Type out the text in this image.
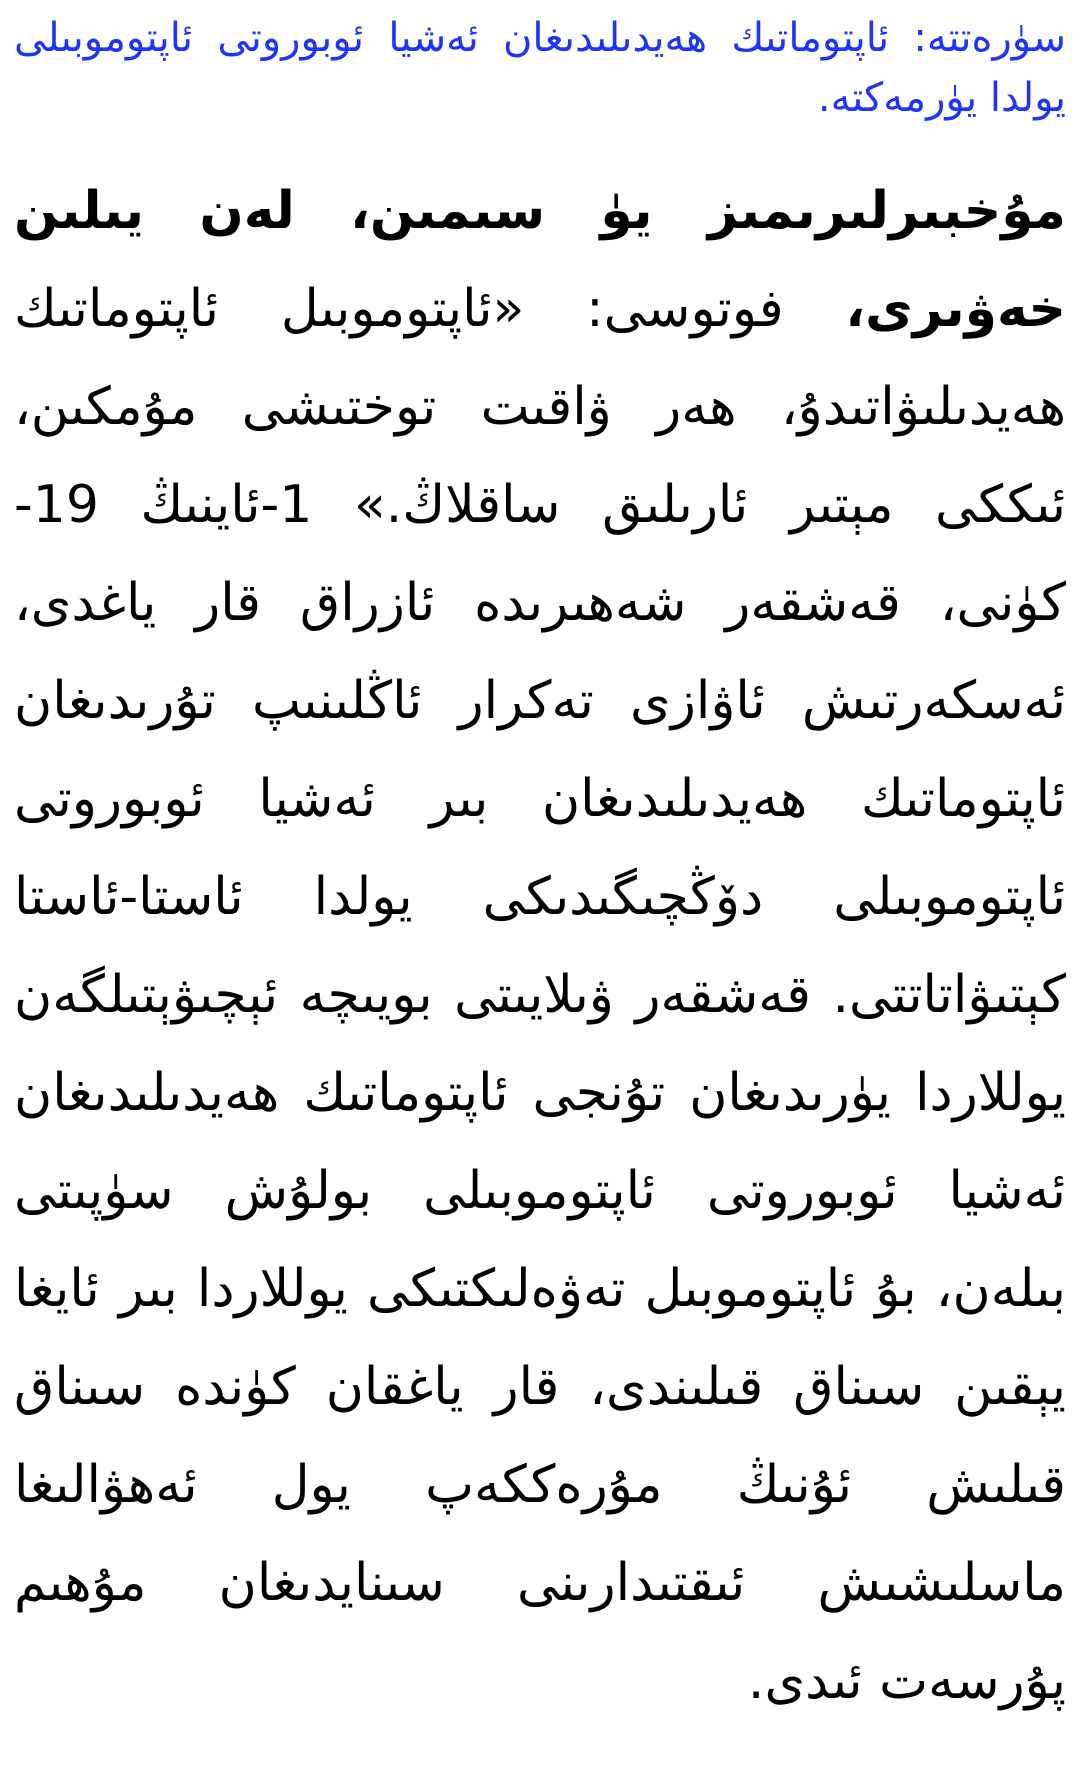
سۈرەتتە: ئاپتوماتىك ھەيدىلىدىغان ئەشيا ئوبوروتى ئاپتوموبىلى يولدا يۈرمەكتە.

مۇخبىرلىرىمىز يۈ سىمىن، لەن يىلىن خەۋىرى، فوتوسى: «ئاپتوموبىل ئاپتوماتىك ھەيدىلىۋاتىدۇ، ھەر ۋاقىت توختىشى مۇمكىن، ئىككى مېتىر ئارىلىق ساقلاڭ.» 1-ئاينىڭ 19-كۈنى، قەشقەر شەھىرىدە ئازراق قار ياغدى، ئەسكەرتىش ئاۋازى تەكرار ئاڭلىنىپ تۇرىدىغان ئاپتوماتىك ھەيدىلىدىغان بىر ئەشيا ئوبوروتى ئاپتوموبىلى دۆڭچىگىدىكى يولدا ئاستا-ئاستا كېتىۋاتاتتى. قەشقەر ۋىلايىتى بويىچە ئېچىۋېتىلگەن يوللاردا يۈرىدىغان تۇنجى ئاپتوماتىك ھەيدىلىدىغان ئەشيا ئوبوروتى ئاپتوموبىلى بولۇش سۈپىتى بىلەن، بۇ ئاپتوموبىل تەۋەلىكتىكى يوللاردا بىر ئايغا يېقىن سىناق قىلىندى، قار ياغقان كۈندە سىناق قىلىش ئۇنىڭ مۇرەككەپ يول ئەھۋالىغا ماسلىشىش ئىقتىدارىنى سىنايدىغان مۇھىم پۇرسەت ئىدى.
